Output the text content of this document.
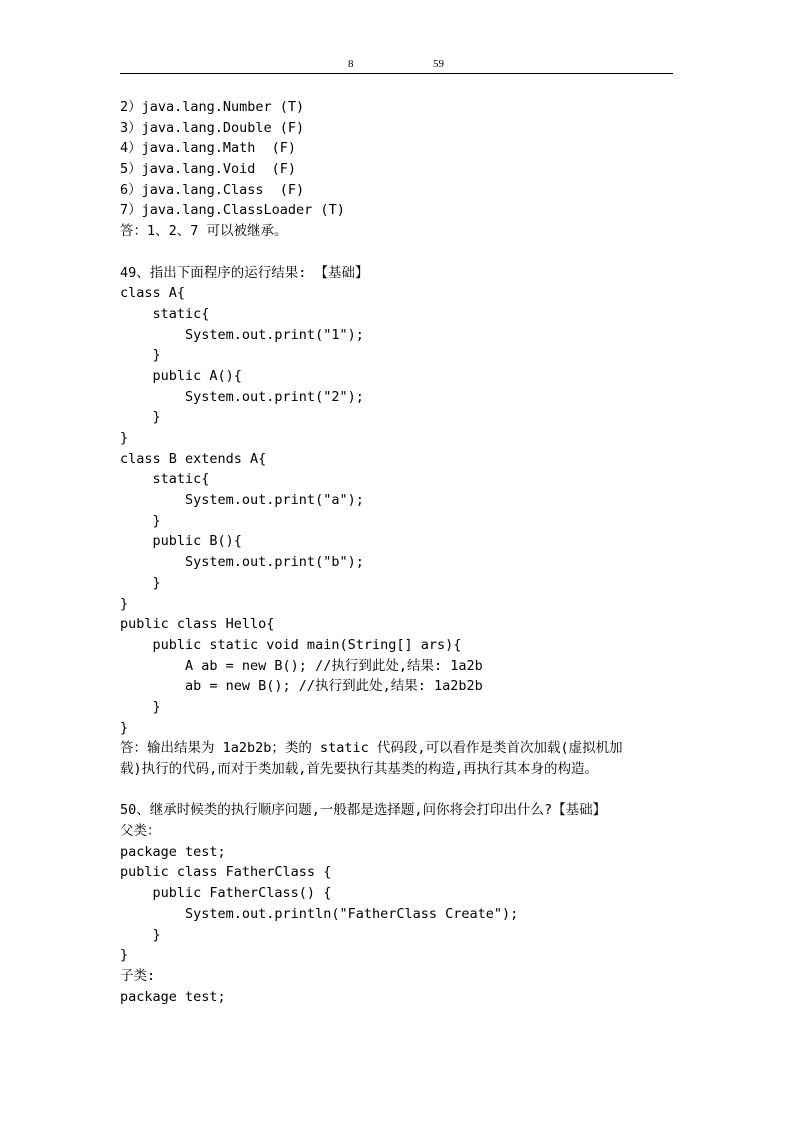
8	59
2）java.lang.Number (T)
3）java.lang.Double (F)
4）java.lang.Math  (F)
5）java.lang.Void  (F)
6）java.lang.Class  (F)
7）java.lang.ClassLoader (T)
答：1、2、7 可以被继承。
49、指出下面程序的运行结果: 【基础】
class A{
static{
System.out.print("1");
}
public A(){
System.out.print("2");
}
}
class B extends A{
static{
System.out.print("a");
}
public B(){
System.out.print("b");
}
}
public class Hello{
public static void main(String[] ars){
A ab = new B(); //执行到此处,结果: 1a2b
ab = new B(); //执行到此处,结果: 1a2b2b
}
}
答：输出结果为 1a2b2b；类的 static 代码段,可以看作是类首次加载(虚拟机加
载)执行的代码,而对于类加载,首先要执行其基类的构造,再执行其本身的构造。
50、继承时候类的执行顺序问题,一般都是选择题,问你将会打印出什么?【基础】
父类：
package test;
public class FatherClass {
public FatherClass() {
System.out.println("FatherClass Create");
}
}
子类:
package test;
